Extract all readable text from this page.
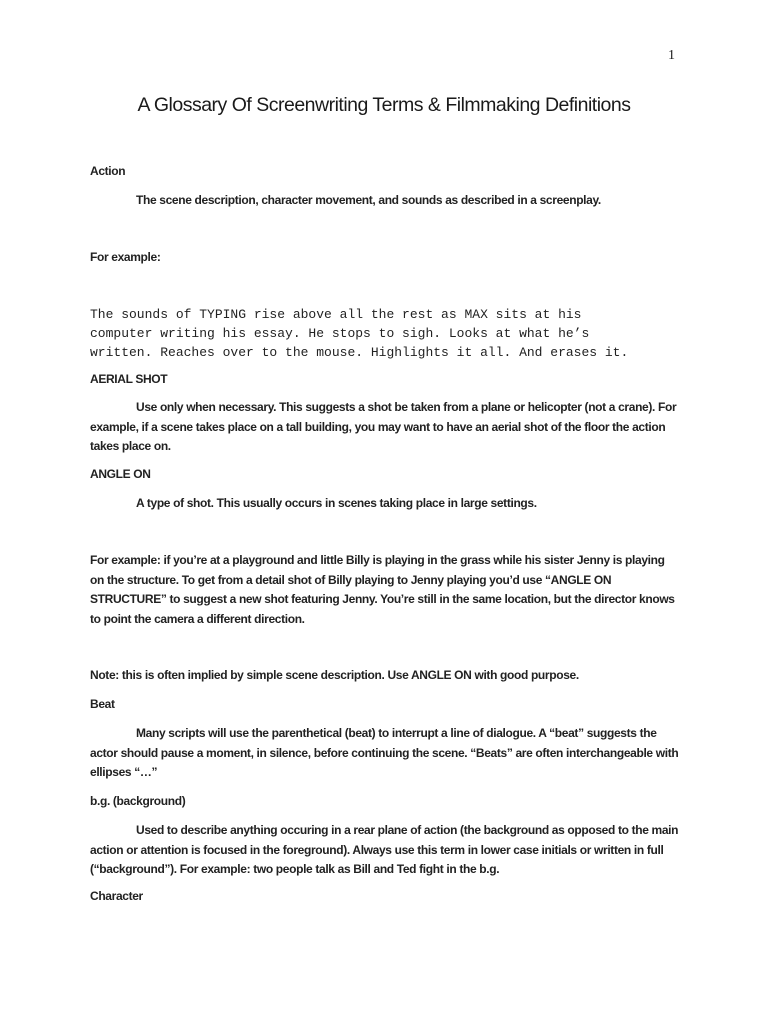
1
A Glossary Of Screenwriting Terms & Filmmaking Definitions

Action

The scene description, character movement, and sounds as described in a screenplay.

For example:

The sounds of TYPING rise above all the rest as MAX sits at his
computer writing his essay. He stops to sigh. Looks at what he’s
written. Reaches over to the mouse. Highlights it all. And erases it.

AERIAL SHOT

Use only when necessary. This suggests a shot be taken from a plane or helicopter (not a crane). For example, if a scene takes place on a tall building, you may want to have an aerial shot of the floor the action takes place on.

ANGLE ON

A type of shot. This usually occurs in scenes taking place in large settings.

For example: if you’re at a playground and little Billy is playing in the grass while his sister Jenny is playing on the structure. To get from a detail shot of Billy playing to Jenny playing you’d use “ANGLE ON STRUCTURE” to suggest a new shot featuring Jenny. You’re still in the same location, but the director knows to point the camera a different direction.

Note: this is often implied by simple scene description. Use ANGLE ON with good purpose.

Beat

Many scripts will use the parenthetical (beat) to interrupt a line of dialogue. A “beat” suggests the actor should pause a moment, in silence, before continuing the scene. “Beats” are often interchangeable with ellipses “…”

b.g. (background)

Used to describe anything occuring in a rear plane of action (the background as opposed to the main action or attention is focused in the foreground). Always use this term in lower case initials or written in full (“background”). For example: two people talk as Bill and Ted fight in the b.g.

Character
